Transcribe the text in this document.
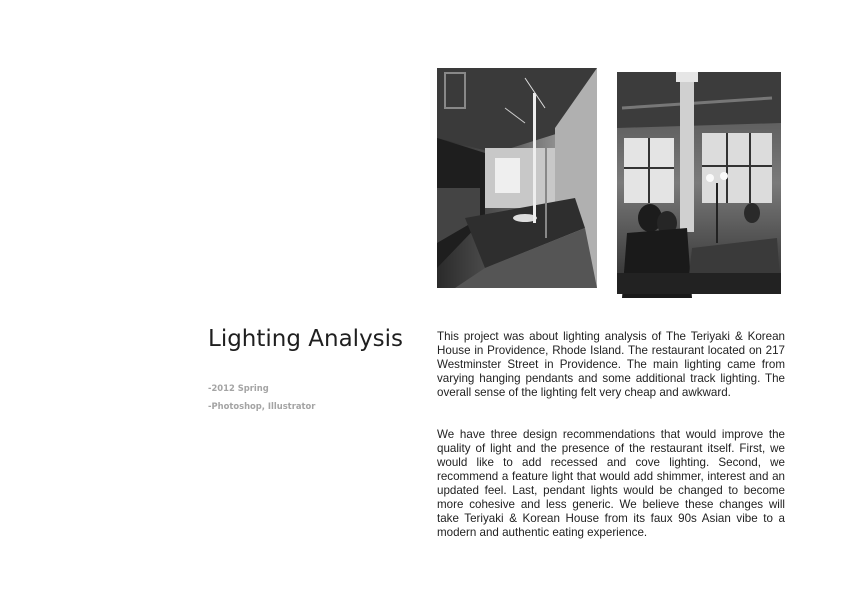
Lighting Analysis
-2012 Spring
-Photoshop, Illustrator

This project was about lighting analysis of The Teriyaki & Korean House in Providence, Rhode Island. The restaurant located on 217 Westminster Street in Providence. The main lighting came from varying hanging pendants and some additional track lighting. The overall sense of the lighting felt very cheap and awkward.

We have three design recommendations that would improve the quality of light and the presence of the restaurant itself. First, we would like to add recessed and cove lighting. Second, we recommend a feature light that would add shimmer, interest and an updated feel. Last, pendant lights would be changed to become more cohesive and less generic. We believe these changes will take Teriyaki & Korean House from its faux 90s Asian vibe to a modern and authentic eating experience.
